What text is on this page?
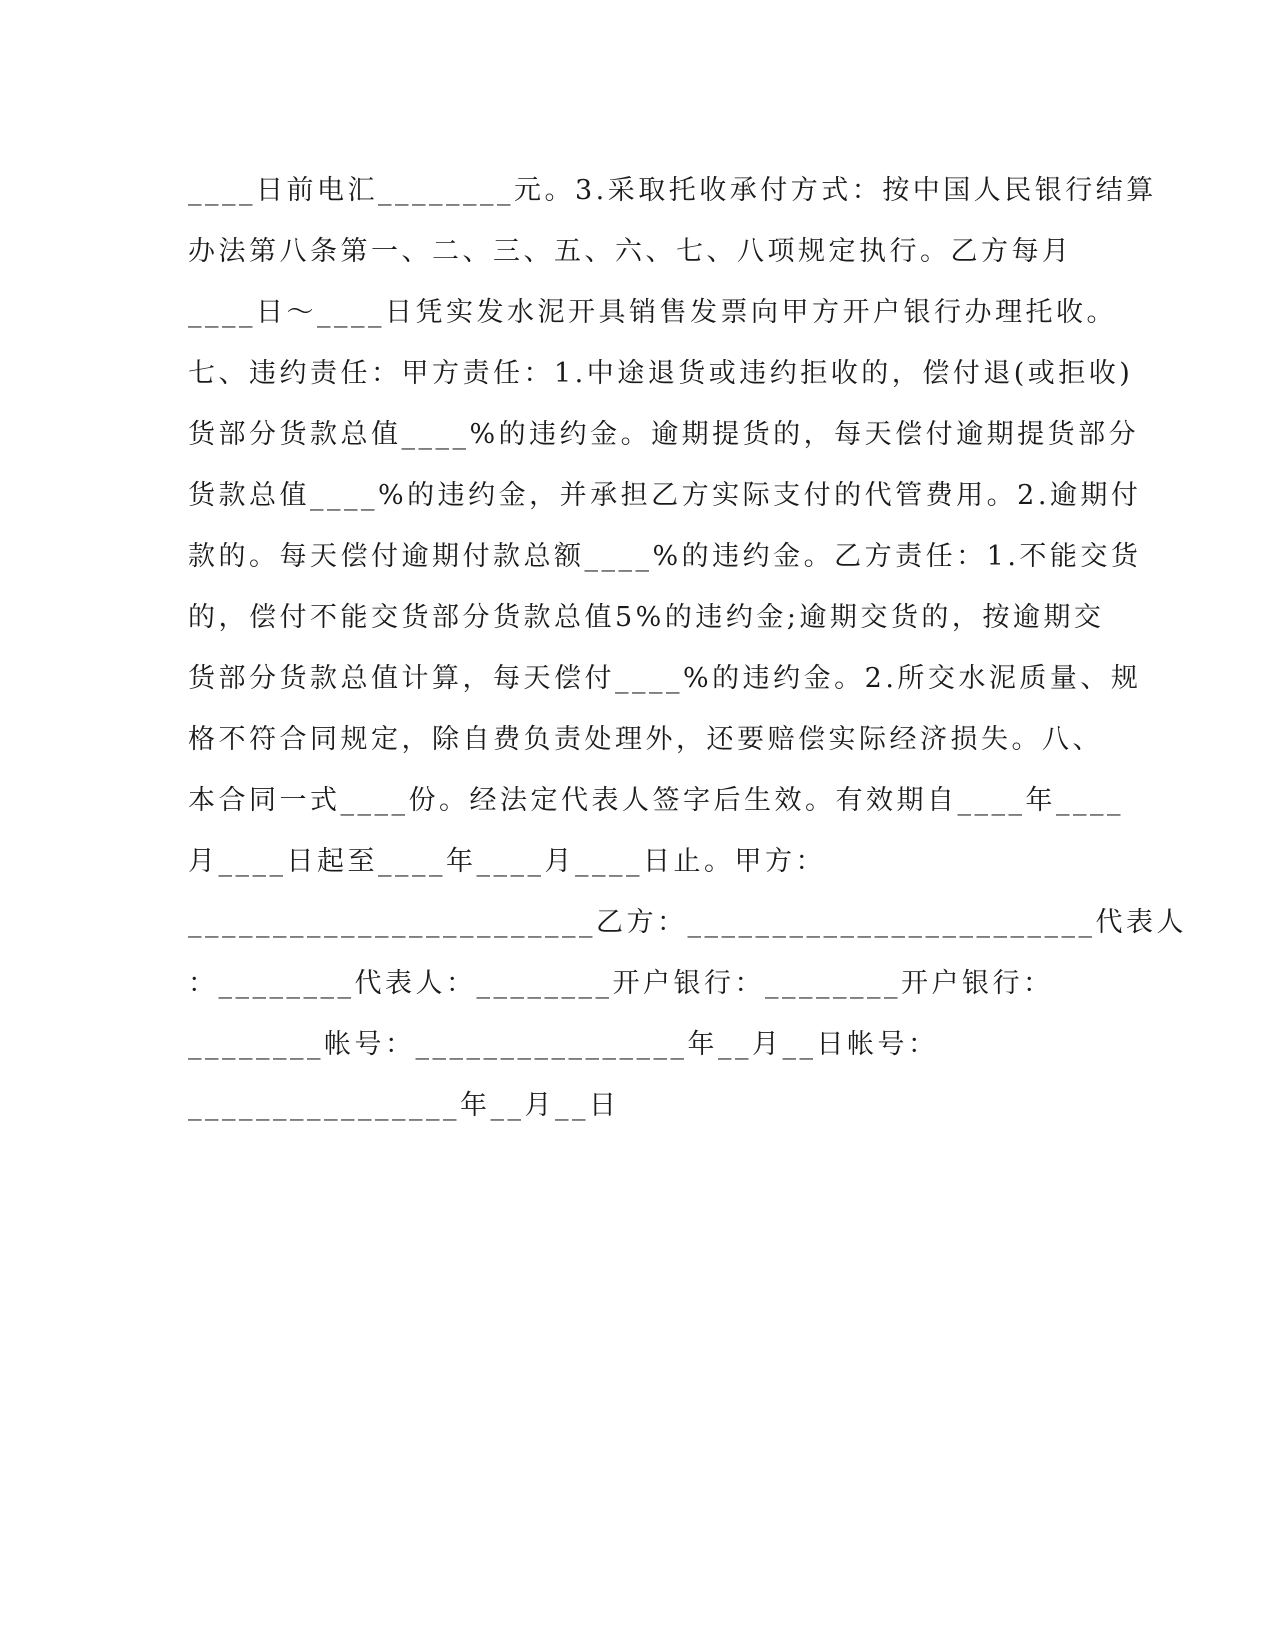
____日前电汇________元。3.采取托收承付方式：按中国人民银行结算
办法第八条第一、二、三、五、六、七、八项规定执行。乙方每月
____日～____日凭实发水泥开具销售发票向甲方开户银行办理托收。
七、违约责任：甲方责任：1.中途退货或违约拒收的，偿付退(或拒收)
货部分货款总值____%的违约金。逾期提货的，每天偿付逾期提货部分
货款总值____%的违约金，并承担乙方实际支付的代管费用。2.逾期付
款的。每天偿付逾期付款总额____%的违约金。乙方责任：1.不能交货
的，偿付不能交货部分货款总值5%的违约金;逾期交货的，按逾期交
货部分货款总值计算，每天偿付____%的违约金。2.所交水泥质量、规
格不符合同规定，除自费负责处理外，还要赔偿实际经济损失。八、
本合同一式____份。经法定代表人签字后生效。有效期自____年____
月____日起至____年____月____日止。甲方：
________________________乙方：________________________代表人
：________代表人：________开户银行：________开户银行：
________帐号：________________年__月__日帐号：
________________年__月__日
